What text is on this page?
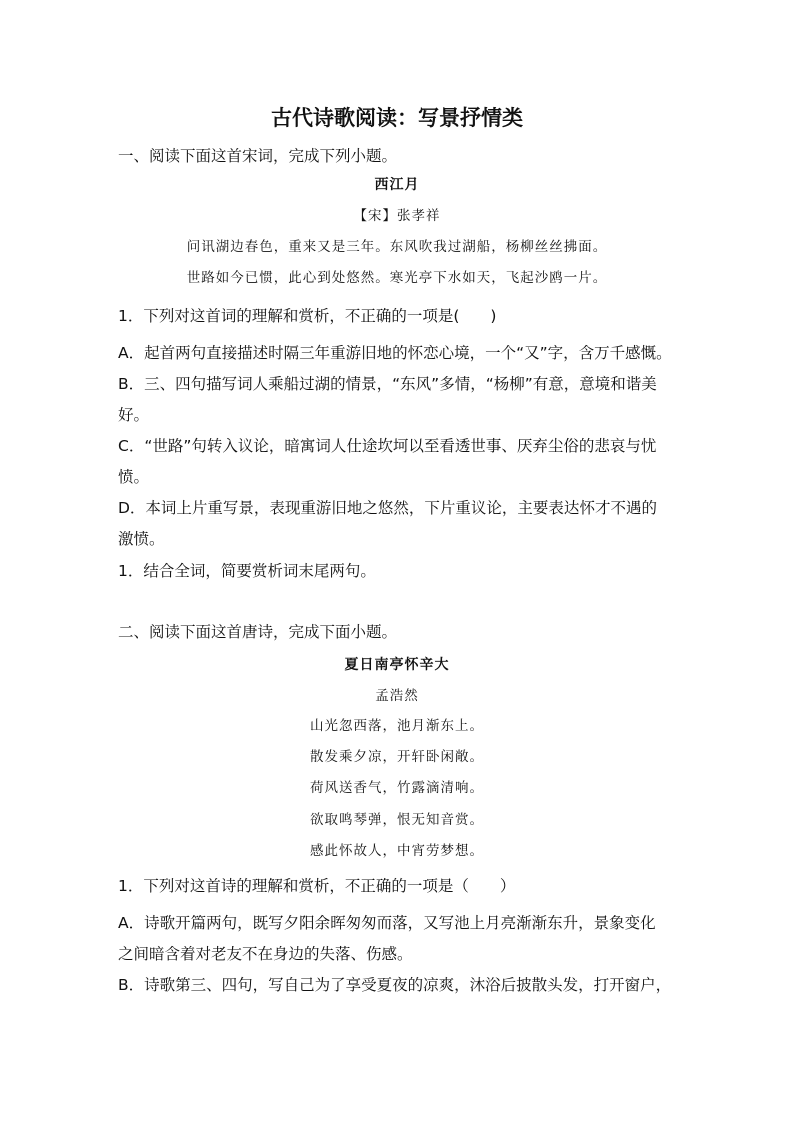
古代诗歌阅读：写景抒情类
一、阅读下面这首宋词，完成下列小题。
西江月
【宋】张孝祥
问讯湖边春色，重来又是三年。东风吹我过湖船，杨柳丝丝拂面。
世路如今已惯，此心到处悠然。寒光亭下水如天，飞起沙鸥一片。
1．下列对这首词的理解和赏析，不正确的一项是(　　)
A．起首两句直接描述时隔三年重游旧地的怀恋心境，一个“又”字，含万千感慨。
B．三、四句描写词人乘船过湖的情景，“东风”多情，“杨柳”有意，意境和谐美
好。
C．“世路”句转入议论，暗寓词人仕途坎坷以至看透世事、厌弃尘俗的悲哀与忧
愤。
D．本词上片重写景，表现重游旧地之悠然，下片重议论，主要表达怀才不遇的
激愤。
1．结合全词，简要赏析词末尾两句。
二、阅读下面这首唐诗，完成下面小题。
夏日南亭怀辛大
孟浩然
山光忽西落，池月渐东上。
散发乘夕凉，开轩卧闲敞。
荷风送香气，竹露滴清响。
欲取鸣琴弹，恨无知音赏。
感此怀故人，中宵劳梦想。
1．下列对这首诗的理解和赏析，不正确的一项是（　　）
A．诗歌开篇两句，既写夕阳余晖匆匆而落，又写池上月亮渐渐东升，景象变化
之间暗含着对老友不在身边的失落、伤感。
B．诗歌第三、四句，写自己为了享受夏夜的凉爽，沐浴后披散头发，打开窗户，
